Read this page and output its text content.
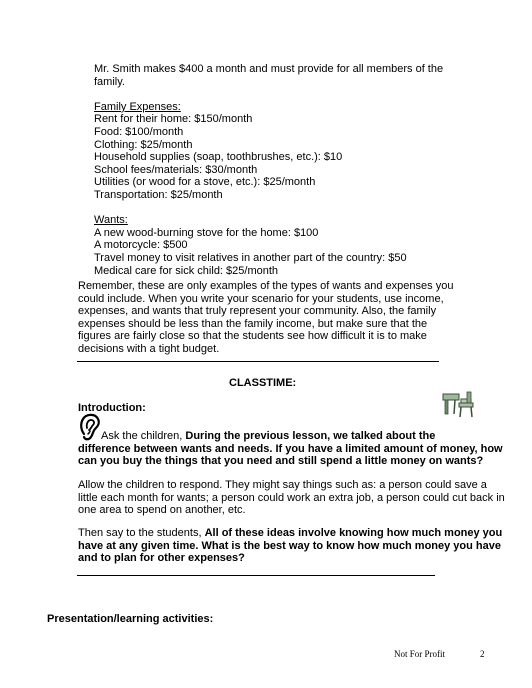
Mr. Smith makes $400 a month and must provide for all members of the
family.
Family Expenses:
Rent for their home: $150/month
Food: $100/month
Clothing: $25/month
Household supplies (soap, toothbrushes, etc.): $10
School fees/materials: $30/month
Utilities (or wood for a stove, etc.): $25/month
Transportation: $25/month
Wants:
A new wood-burning stove for the home: $100
A motorcycle: $500
Travel money to visit relatives in another part of the country: $50
Medical care for sick child: $25/month
Remember, these are only examples of the types of wants and expenses you
could include. When you write your scenario for your students, use income,
expenses, and wants that truly represent your community. Also, the family
expenses should be less than the family income, but make sure that the
figures are fairly close so that the students see how difficult it is to make
decisions with a tight budget.
CLASSTIME:
Introduction:
Ask the children, During the previous lesson, we talked about the
difference between wants and needs. If you have a limited amount of money, how
can you buy the things that you need and still spend a little money on wants?
Allow the children to respond. They might say things such as: a person could save a
little each month for wants; a person could work an extra job, a person could cut back in
one area to spend on another, etc.
Then say to the students, All of these ideas involve knowing how much money you
have at any given time. What is the best way to know how much money you have
and to plan for other expenses?
Presentation/learning activities:
Not For Profit	2
